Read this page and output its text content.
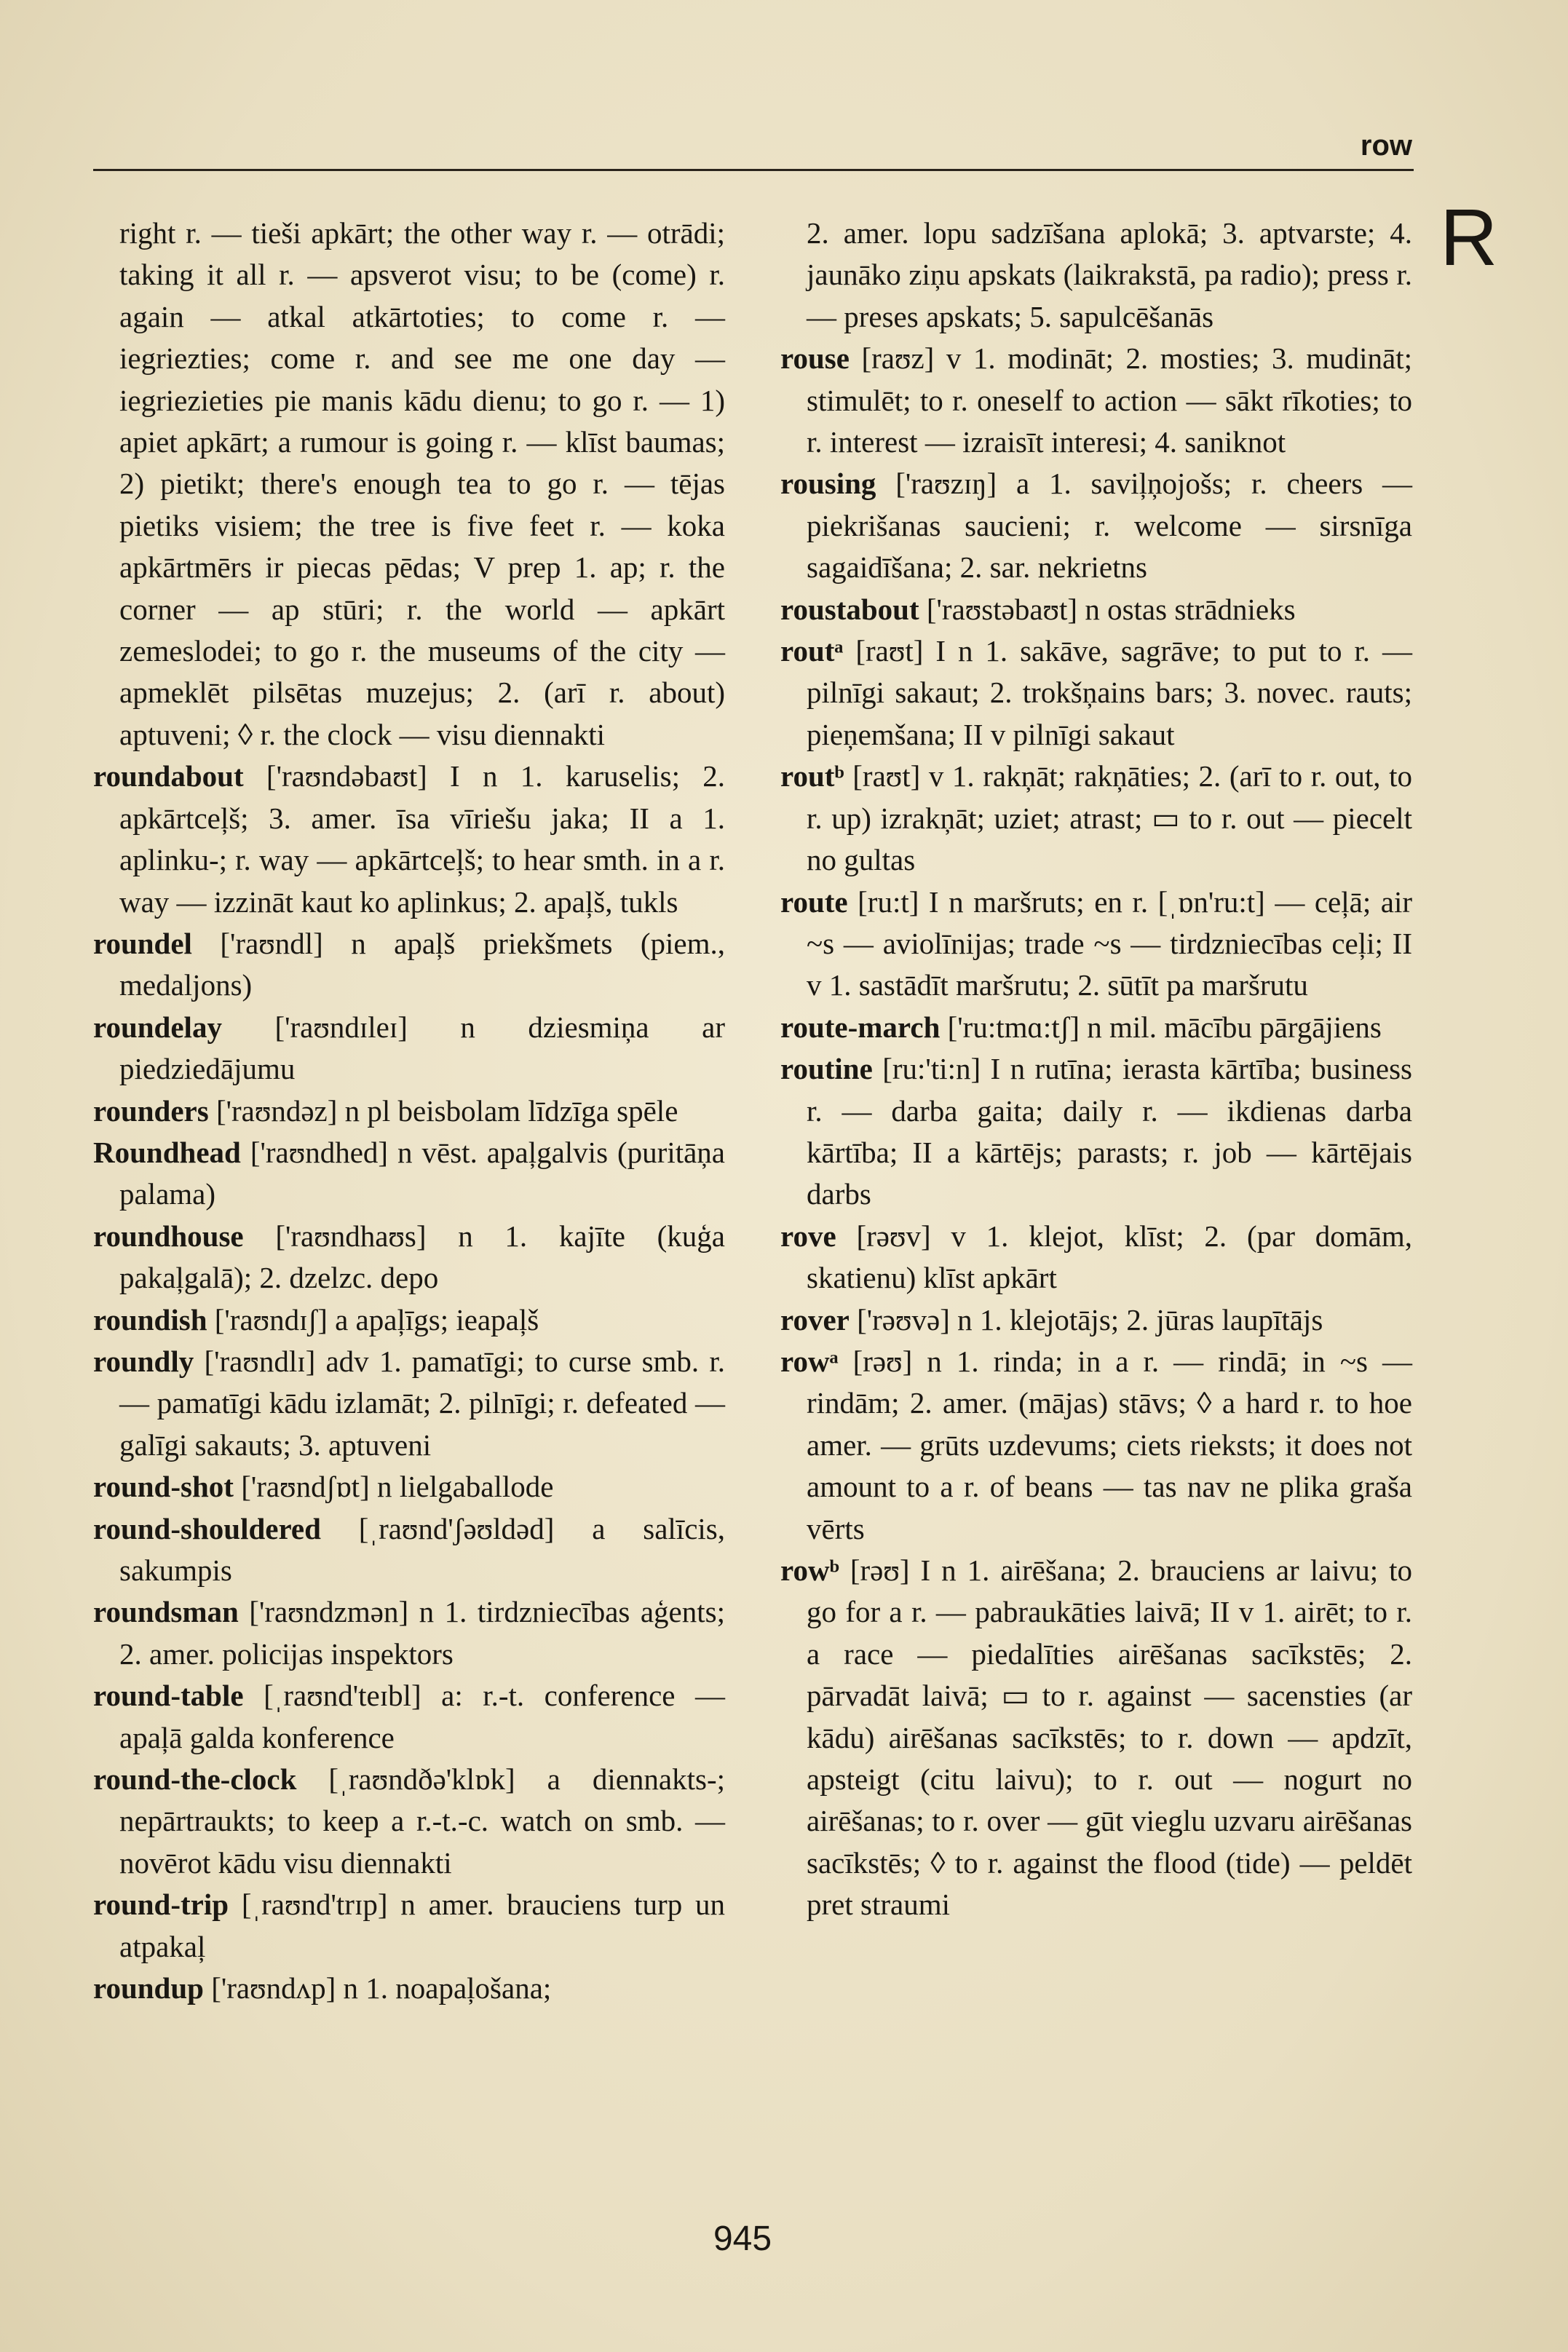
row
R

right r. — tieši apkārt; the other way r. — otrādi; taking it all r. — apsverot visu; to be (come) r. again — atkal atkārtoties; to come r. — iegriezties; come r. and see me one day — iegriezieties pie manis kādu dienu; to go r. — 1) apiet apkārt; a rumour is going r. — klīst baumas; 2) pietikt; there's enough tea to go r. — tējas pietiks visiem; the tree is five feet r. — koka apkārtmērs ir piecas pēdas; V prep 1. ap; r. the corner — ap stūri; r. the world — apkārt zemeslodei; to go r. the museums of the city — apmeklēt pilsētas muzejus; 2. (arī r. about) aptuveni; ◊ r. the clock — visu diennakti

roundabout ['raʊndəbaʊt] I n 1. karuselis; 2. apkārtceļš; 3. amer. īsa vīriešu jaka; II a 1. aplinku-; r. way — apkārtceļš; to hear smth. in a r. way — izzināt kaut ko aplinkus; 2. apaļš, tukls

roundel ['raʊndl] n apaļš priekšmets (piem., medaljons)

roundelay ['raʊndɪleɪ] n dziesmiņa ar piedziedājumu

rounders ['raʊndəz] n pl beisbolam līdzīga spēle

Roundhead ['raʊndhed] n vēst. apaļgalvis (puritāņa palama)

roundhouse ['raʊndhaʊs] n 1. kajīte (kuģa pakaļgalā); 2. dzelzc. depo

roundish ['raʊndɪʃ] a apaļīgs; ieapaļš

roundly ['raʊndlɪ] adv 1. pamatīgi; to curse smb. r. — pamatīgi kādu izlamāt; 2. pilnīgi; r. defeated — galīgi sakauts; 3. aptuveni

round-shot ['raʊndʃɒt] n lielgaballode

round-shouldered [ˌraʊnd'ʃəʊldəd] a salīcis, sakumpis

roundsman ['raʊndzmən] n 1. tirdzniecības aģents; 2. amer. policijas inspektors

round-table [ˌraʊnd'teɪbl] a: r.-t. conference — apaļā galda konference

round-the-clock [ˌraʊndðə'klɒk] a diennakts-; nepārtraukts; to keep a r.-t.-c. watch on smb. — novērot kādu visu diennakti

round-trip [ˌraʊnd'trɪp] n amer. brauciens turp un atpakaļ

roundup ['raʊndʌp] n 1. noapaļošana;

2. amer. lopu sadzīšana aplokā; 3. aptvarste; 4. jaunāko ziņu apskats (laikrakstā, pa radio); press r. — preses apskats; 5. sapulcēšanās

rouse [raʊz] v 1. modināt; 2. mosties; 3. mudināt; stimulēt; to r. oneself to action — sākt rīkoties; to r. interest — izraisīt interesi; 4. saniknot

rousing ['raʊzɪŋ] a 1. saviļņojošs; r. cheers — piekrišanas saucieni; r. welcome — sirsnīga sagaidīšana; 2. sar. nekrietns

roustabout ['raʊstəbaʊt] n ostas strādnieks

routᵃ [raʊt] I n 1. sakāve, sagrāve; to put to r. — pilnīgi sakaut; 2. trokšņains bars; 3. novec. rauts; pieņemšana; II v pilnīgi sakaut

routᵇ [raʊt] v 1. rakņāt; rakņāties; 2. (arī to r. out, to r. up) izrakņāt; uziet; atrast; ▭ to r. out — piecelt no gultas

route [ru:t] I n maršruts; en r. [ˌɒn'ru:t] — ceļā; air ~s — aviolīnijas; trade ~s — tirdzniecības ceļi; II v 1. sastādīt maršrutu; 2. sūtīt pa maršrutu

route-march ['ru:tmɑ:tʃ] n mil. mācību pārgājiens

routine [ru:'ti:n] I n rutīna; ierasta kārtība; business r. — darba gaita; daily r. — ikdienas darba kārtība; II a kārtējs; parasts; r. job — kārtējais darbs

rove [rəʊv] v 1. klejot, klīst; 2. (par domām, skatienu) klīst apkārt

rover ['rəʊvə] n 1. klejotājs; 2. jūras laupītājs

rowᵃ [rəʊ] n 1. rinda; in a r. — rindā; in ~s — rindām; 2. amer. (mājas) stāvs; ◊ a hard r. to hoe amer. — grūts uzdevums; ciets rieksts; it does not amount to a r. of beans — tas nav ne plika graša vērts

rowᵇ [rəʊ] I n 1. airēšana; 2. brauciens ar laivu; to go for a r. — pabraukāties laivā; II v 1. airēt; to r. a race — piedalīties airēšanas sacīkstēs; 2. pārvadāt laivā; ▭ to r. against — sacensties (ar kādu) airēšanas sacīkstēs; to r. down — apdzīt, apsteigt (citu laivu); to r. out — nogurt no airēšanas; to r. over — gūt vieglu uzvaru airēšanas sacīkstēs; ◊ to r. against the flood (tide) — peldēt pret straumi

945
